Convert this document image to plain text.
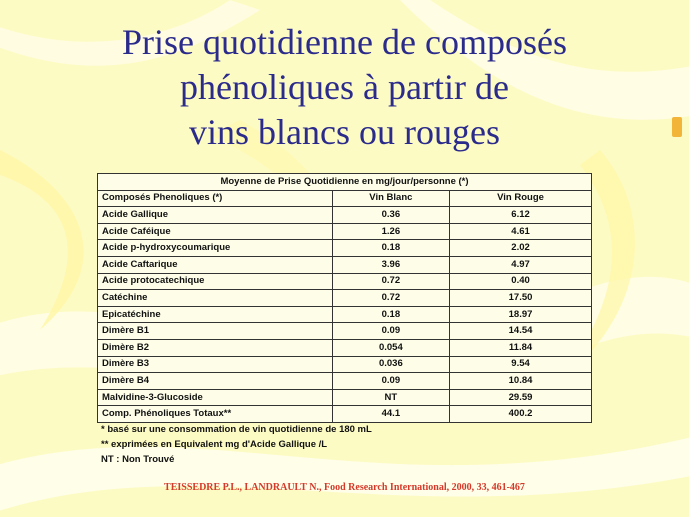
Prise quotidienne de composés
phénoliques à partir de
vins blancs ou rouges
Moyenne de Prise Quotidienne en mg/jour/personne (*)		
Composés Phenoliques (*)	Vin Blanc	Vin Rouge
Acide Gallique	0.36	6.12
Acide Caféique	1.26	4.61
Acide p-hydroxycoumarique	0.18	2.02
Acide Caftarique	3.96	4.97
Acide protocatechique	0.72	0.40
Catéchine	0.72	17.50
Epicatéchine	0.18	18.97
Dimère B1	0.09	14.54
Dimère B2	0.054	11.84
Dimère B3	0.036	9.54
Dimère B4	0.09	10.84
Malvidine-3-Glucoside	NT	29.59
Comp. Phénoliques Totaux**	44.1	400.2
* basé sur une consommation de vin quotidienne de 180 mL
** exprimées en Equivalent mg d'Acide Gallique /L
NT : Non Trouvé
TEISSEDRE P.L., LANDRAULT N., Food Research International, 2000, 33, 461-467
